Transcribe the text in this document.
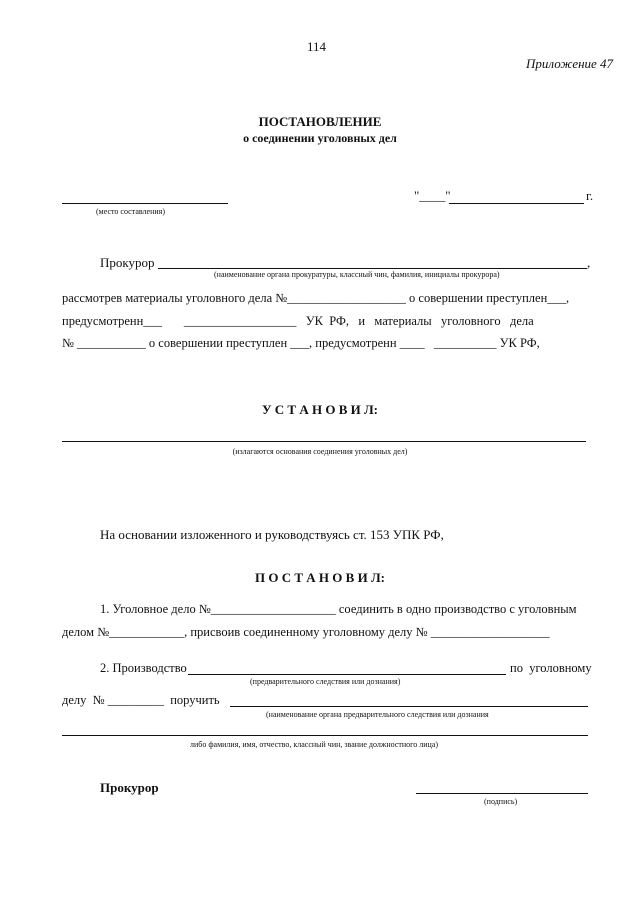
114
Приложение 47
ПОСТАНОВЛЕНИЕ
о соединении уголовных дел
(место составления)
"____"	г.
Прокурор	,
(наименование органа прокуратуры, классный чин, фамилия, инициалы прокурора)
рассмотрев материалы уголовного дела №___________________ о совершении преступлен___,
предусмотренн___       __________________   УК  РФ,   и   материалы   уголовного   дела
№ ___________ о совершении преступлен ___, предусмотренн ____   __________ УК РФ,
У С Т А Н О В И Л:
(излагаются основания соединения уголовных дел)
На основании изложенного и руководствуясь ст. 153 УПК РФ,
П О С Т А Н О В И Л:
1. Уголовное дело №____________________ соединить в одно производство с уголовным
делом №____________, присвоив соединенному уголовному делу № ___________________
2. Производство	по  уголовному
(предварительного следствия или дознания)
делу  № _________  поручить
(наименование органа предварительного следствия или дознания
либо фамилия, имя, отчество, классный чин, звание должностного лица)
Прокурор
(подпись)
